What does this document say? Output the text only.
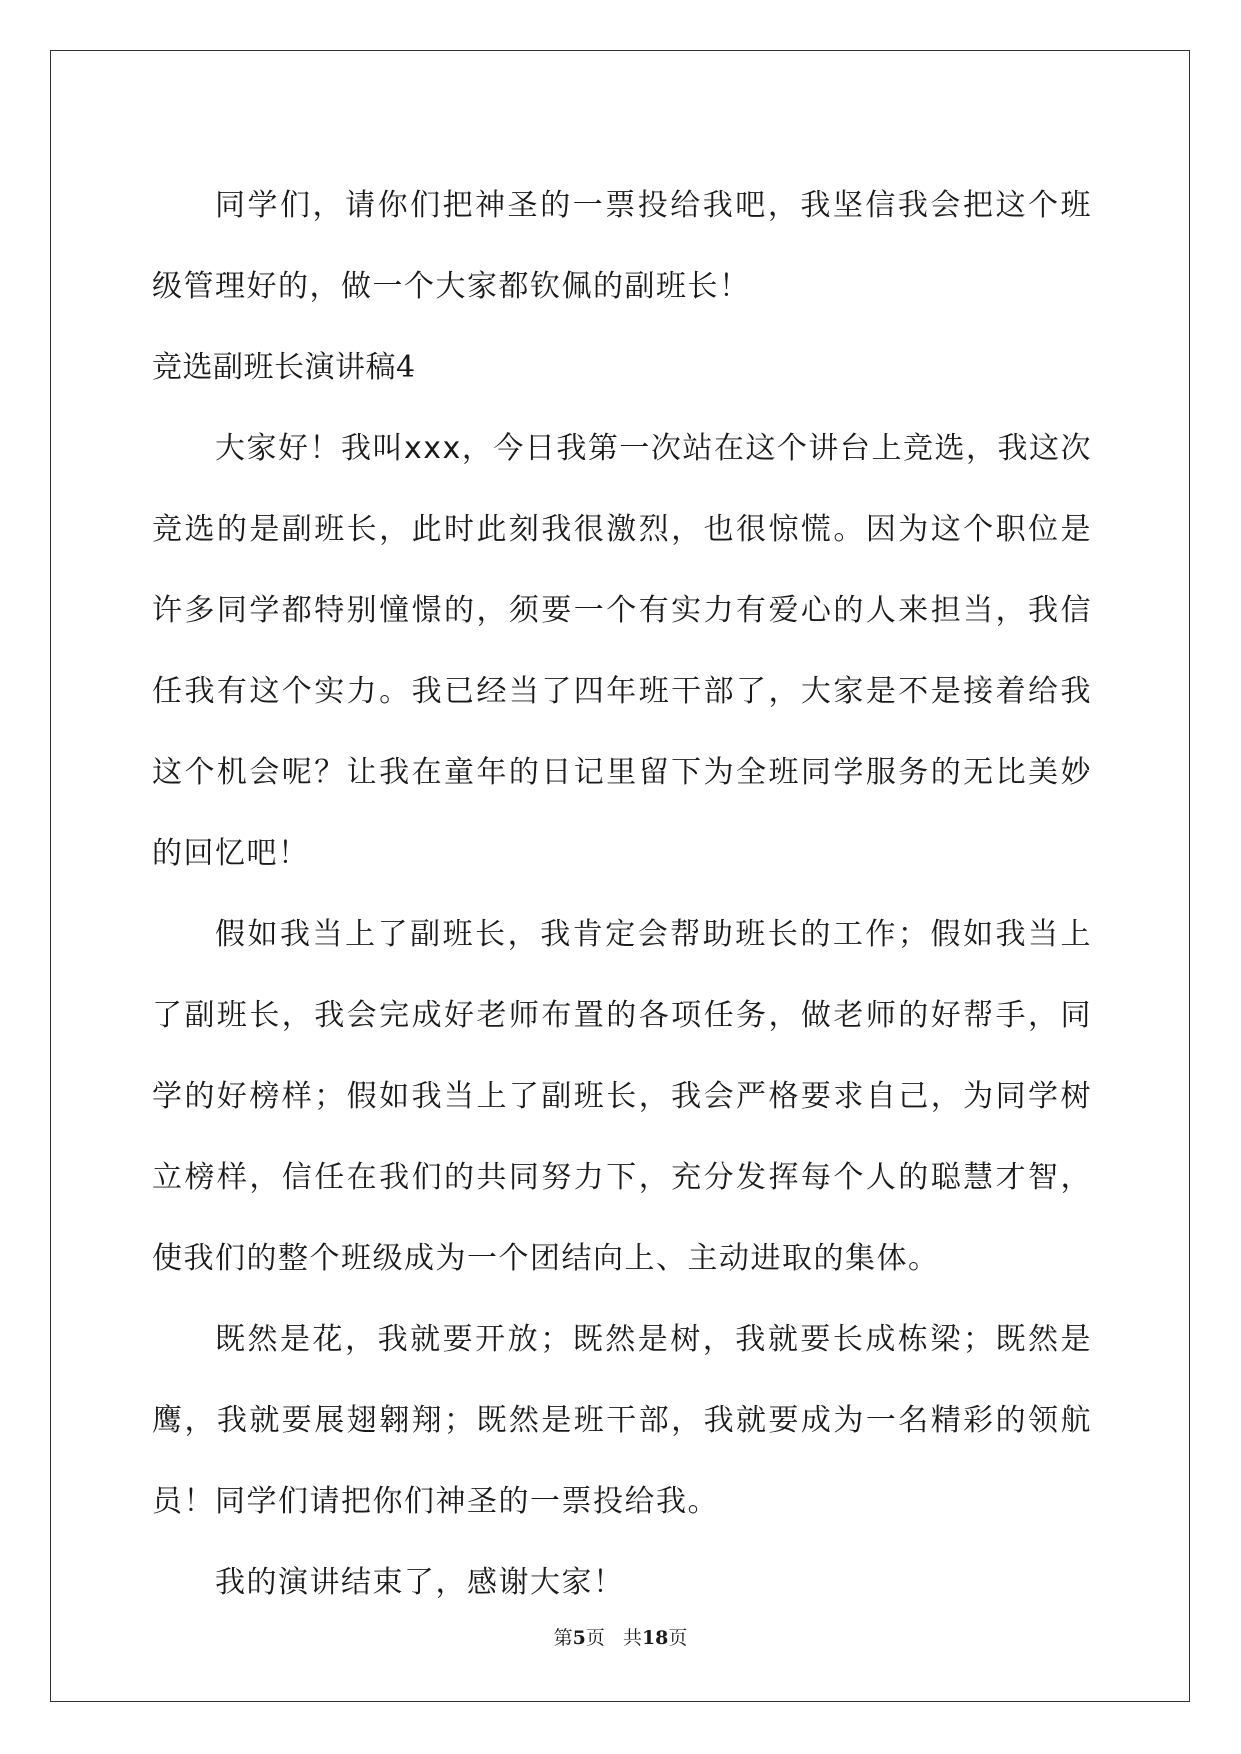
同学们，请你们把神圣的一票投给我吧，我坚信我会把这个班级管理好的，做一个大家都钦佩的副班长！

竞选副班长演讲稿4

大家好！我叫xxx，今日我第一次站在这个讲台上竞选，我这次竞选的是副班长，此时此刻我很激烈，也很惊慌。因为这个职位是许多同学都特别憧憬的，须要一个有实力有爱心的人来担当，我信任我有这个实力。我已经当了四年班干部了，大家是不是接着给我这个机会呢？让我在童年的日记里留下为全班同学服务的无比美妙的回忆吧！

假如我当上了副班长，我肯定会帮助班长的工作；假如我当上了副班长，我会完成好老师布置的各项任务，做老师的好帮手，同学的好榜样；假如我当上了副班长，我会严格要求自己，为同学树立榜样，信任在我们的共同努力下，充分发挥每个人的聪慧才智，使我们的整个班级成为一个团结向上、主动进取的集体。

既然是花，我就要开放；既然是树，我就要长成栋梁；既然是鹰，我就要展翅翱翔；既然是班干部，我就要成为一名精彩的领航员！同学们请把你们神圣的一票投给我。

我的演讲结束了，感谢大家！

第5页   共18页
